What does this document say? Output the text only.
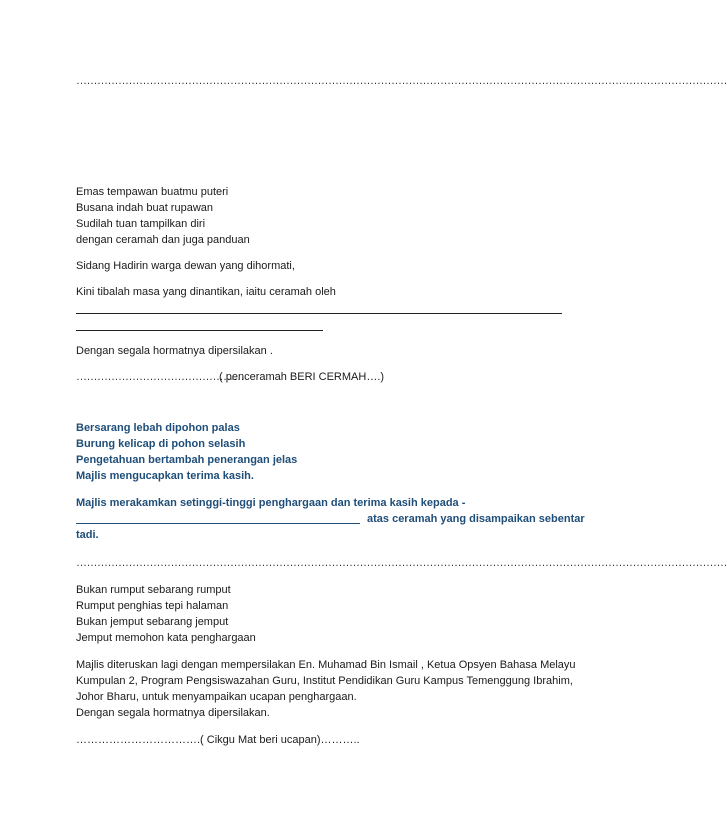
……………………………………………………………………………………………………………………………………………………………………
Emas tempawan buatmu puteri
Busana indah buat rupawan
Sudilah tuan tampilkan diri
dengan ceramah dan juga panduan
Sidang Hadirin warga dewan yang dihormati,
Kini tibalah masa yang dinantikan, iaitu ceramah oleh
Dengan segala hormatnya dipersilakan .
…………………………………………
( penceramah BERI CERMAH….)
Bersarang lebah dipohon palas
Burung kelicap di pohon selasih
Pengetahuan bertambah penerangan jelas
Majlis mengucapkan terima kasih.
Majlis merakamkan setinggi-tinggi penghargaan dan terima kasih kepada -
atas ceramah yang disampaikan sebentar
tadi.
……………………………………………………………………………………………………………………………………………………………………
Bukan rumput sebarang rumput
Rumput penghias tepi halaman
Bukan jemput sebarang jemput
Jemput memohon kata penghargaan
Majlis diteruskan lagi dengan mempersilakan En. Muhamad Bin Ismail , Ketua Opsyen Bahasa Melayu
Kumpulan 2, Program Pengsiswazahan Guru, Institut Pendidikan Guru Kampus Temenggung Ibrahim,
Johor Bharu, untuk menyampaikan ucapan penghargaan.
Dengan segala hormatnya dipersilakan.
…………………………….( Cikgu Mat beri ucapan)………..
